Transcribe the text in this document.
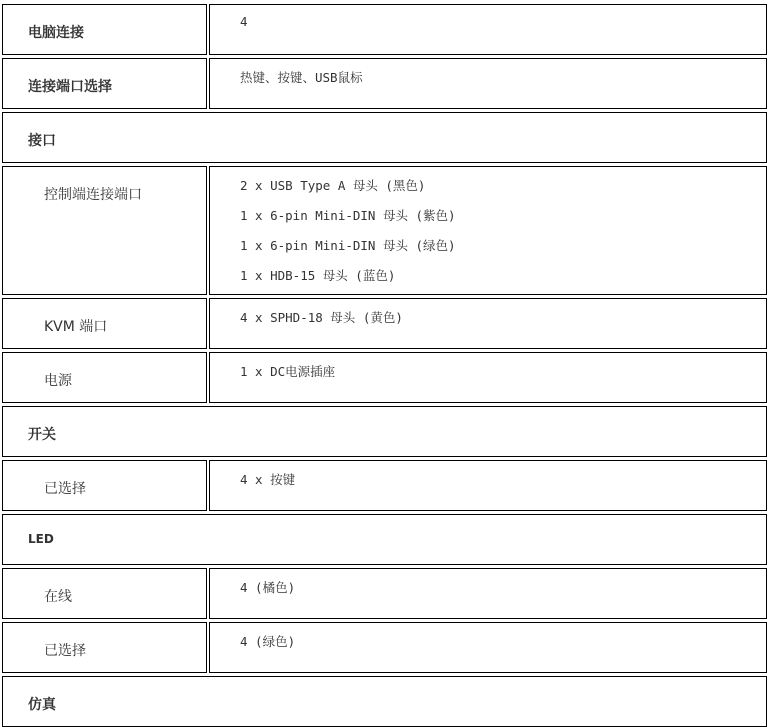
电脑连接
4
连接端口选择
热键、按键、USB鼠标
接口
控制端连接端口
2 x USB Type A 母头 (黑色)
1 x 6-pin Mini-DIN 母头 (紫色)
1 x 6-pin Mini-DIN 母头 (绿色)
1 x HDB-15 母头 (蓝色)
KVM 端口
4 x SPHD-18 母头 (黄色)
电源
1 x DC电源插座
开关
已选择
4 x 按键
LED
在线
4 (橘色)
已选择
4 (绿色)
仿真
